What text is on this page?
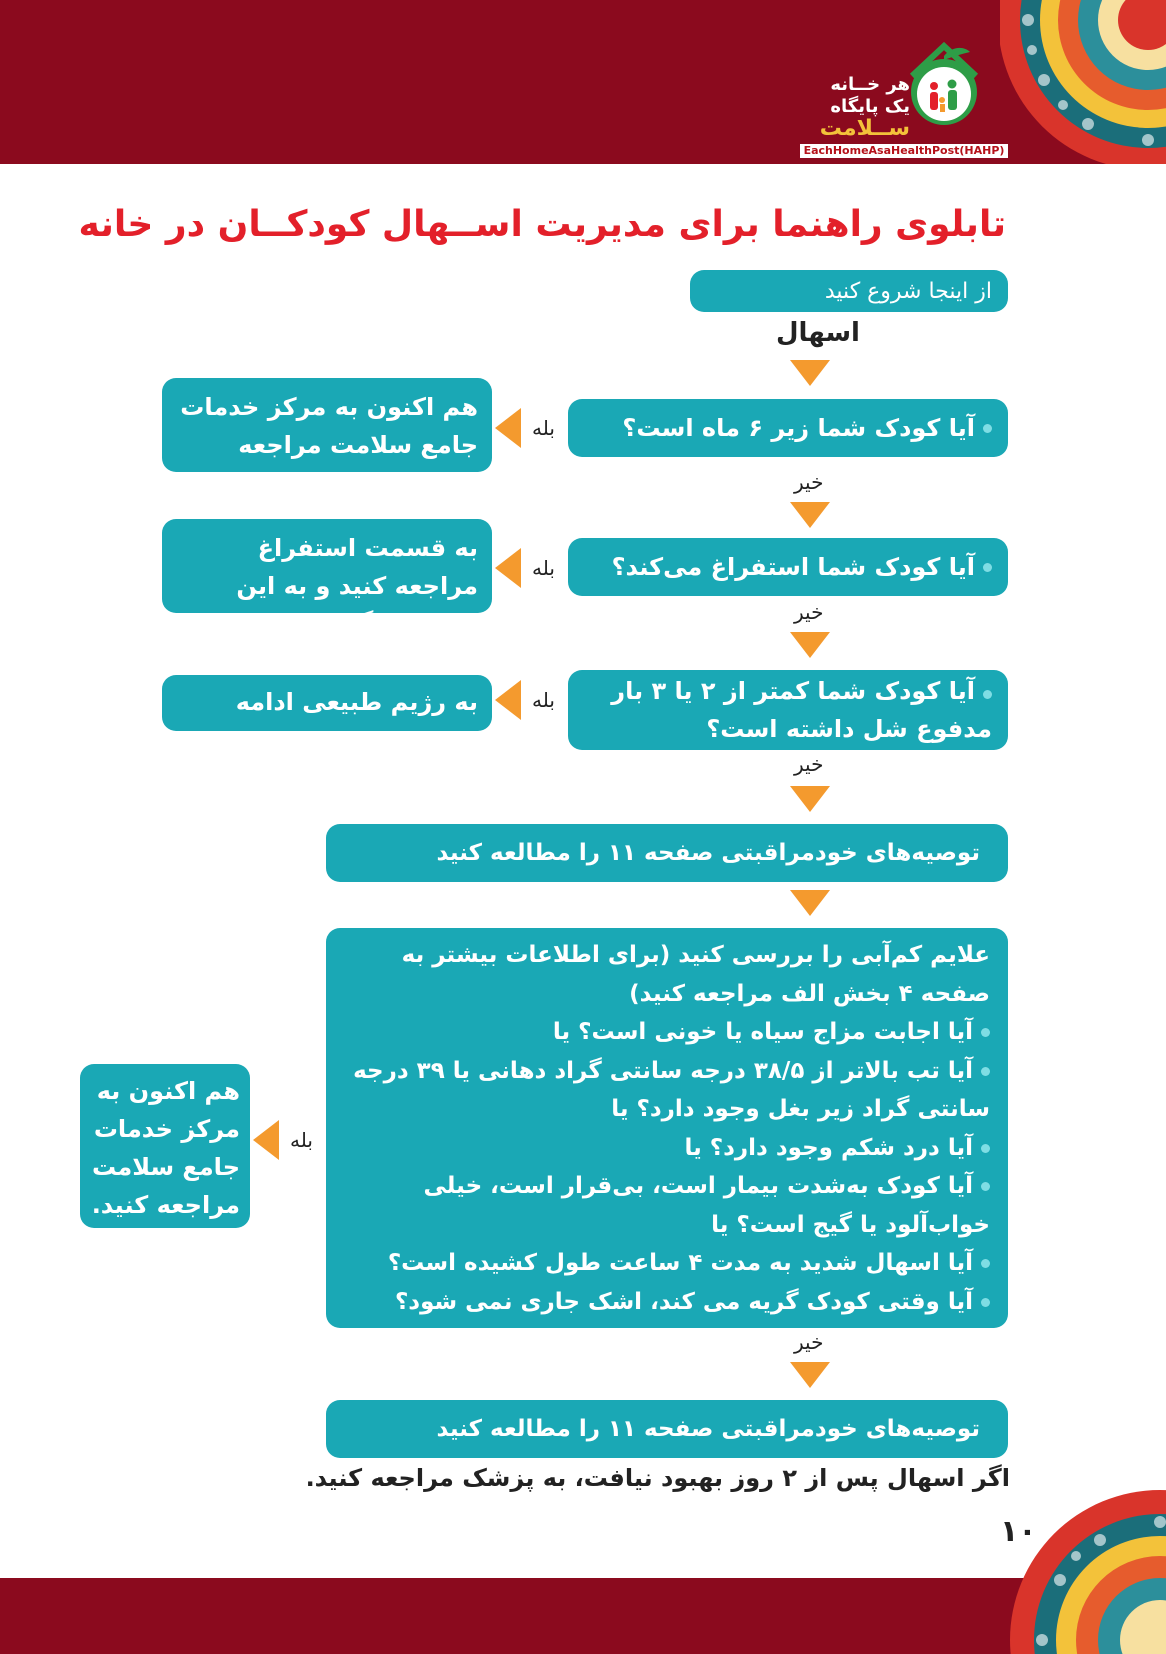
هر خــانه
یک پایگاه
ســلامت
EachHomeAsaHealthPost(HAHP)
تابلوی راهنما برای مدیریت اســهال کودکــان در خانه
از اینجا شروع کنید
اسهال
آیا کودک شما زیر ۶ ماه است؟
بله
هم اکنون به مرکز خدمات جامع سلامت مراجعه کنید.	خیر
آیا کودک شما استفراغ می‌کند؟
بله
به قسمت استفراغ مراجعه کنید و به این صفحه برگردید.	خیر
آیا کودک شما کمتر از ۲ یا ۳ بار مدفوع شل داشته است؟
بله
به رژیم طبیعی ادامه دهید.
خیر
توصیه‌های خودمراقبتی صفحه ۱۱ را مطالعه کنید
علایم کم‌آبی را بررسی کنید (برای اطلاعات بیشتر به صفحه ۴ بخش الف مراجعه کنید)
آیا اجابت مزاج سیاه یا خونی است؟ یا
آیا تب بالاتر از ۳۸/۵ درجه سانتی گراد دهانی یا ۳۹ درجه سانتی گراد زیر بغل وجود دارد؟ یا
آیا درد شکم وجود دارد؟ یا
آیا کودک به‌شدت بیمار است، بی‌قرار است، خیلی خواب‌آلود یا گیج است؟ یا
آیا اسهال شدید به مدت ۴ ساعت طول کشیده است؟
آیا وقتی کودک گریه می کند، اشک جاری نمی شود؟
بله
هم اکنون به مرکز خدمات جامع سلامت مراجعه کنید.
خیر
توصیه‌های خودمراقبتی صفحه ۱۱ را مطالعه کنید
اگر اسهال پس از ۲ روز بهبود نیافت، به پزشک مراجعه کنید.
۱۰
